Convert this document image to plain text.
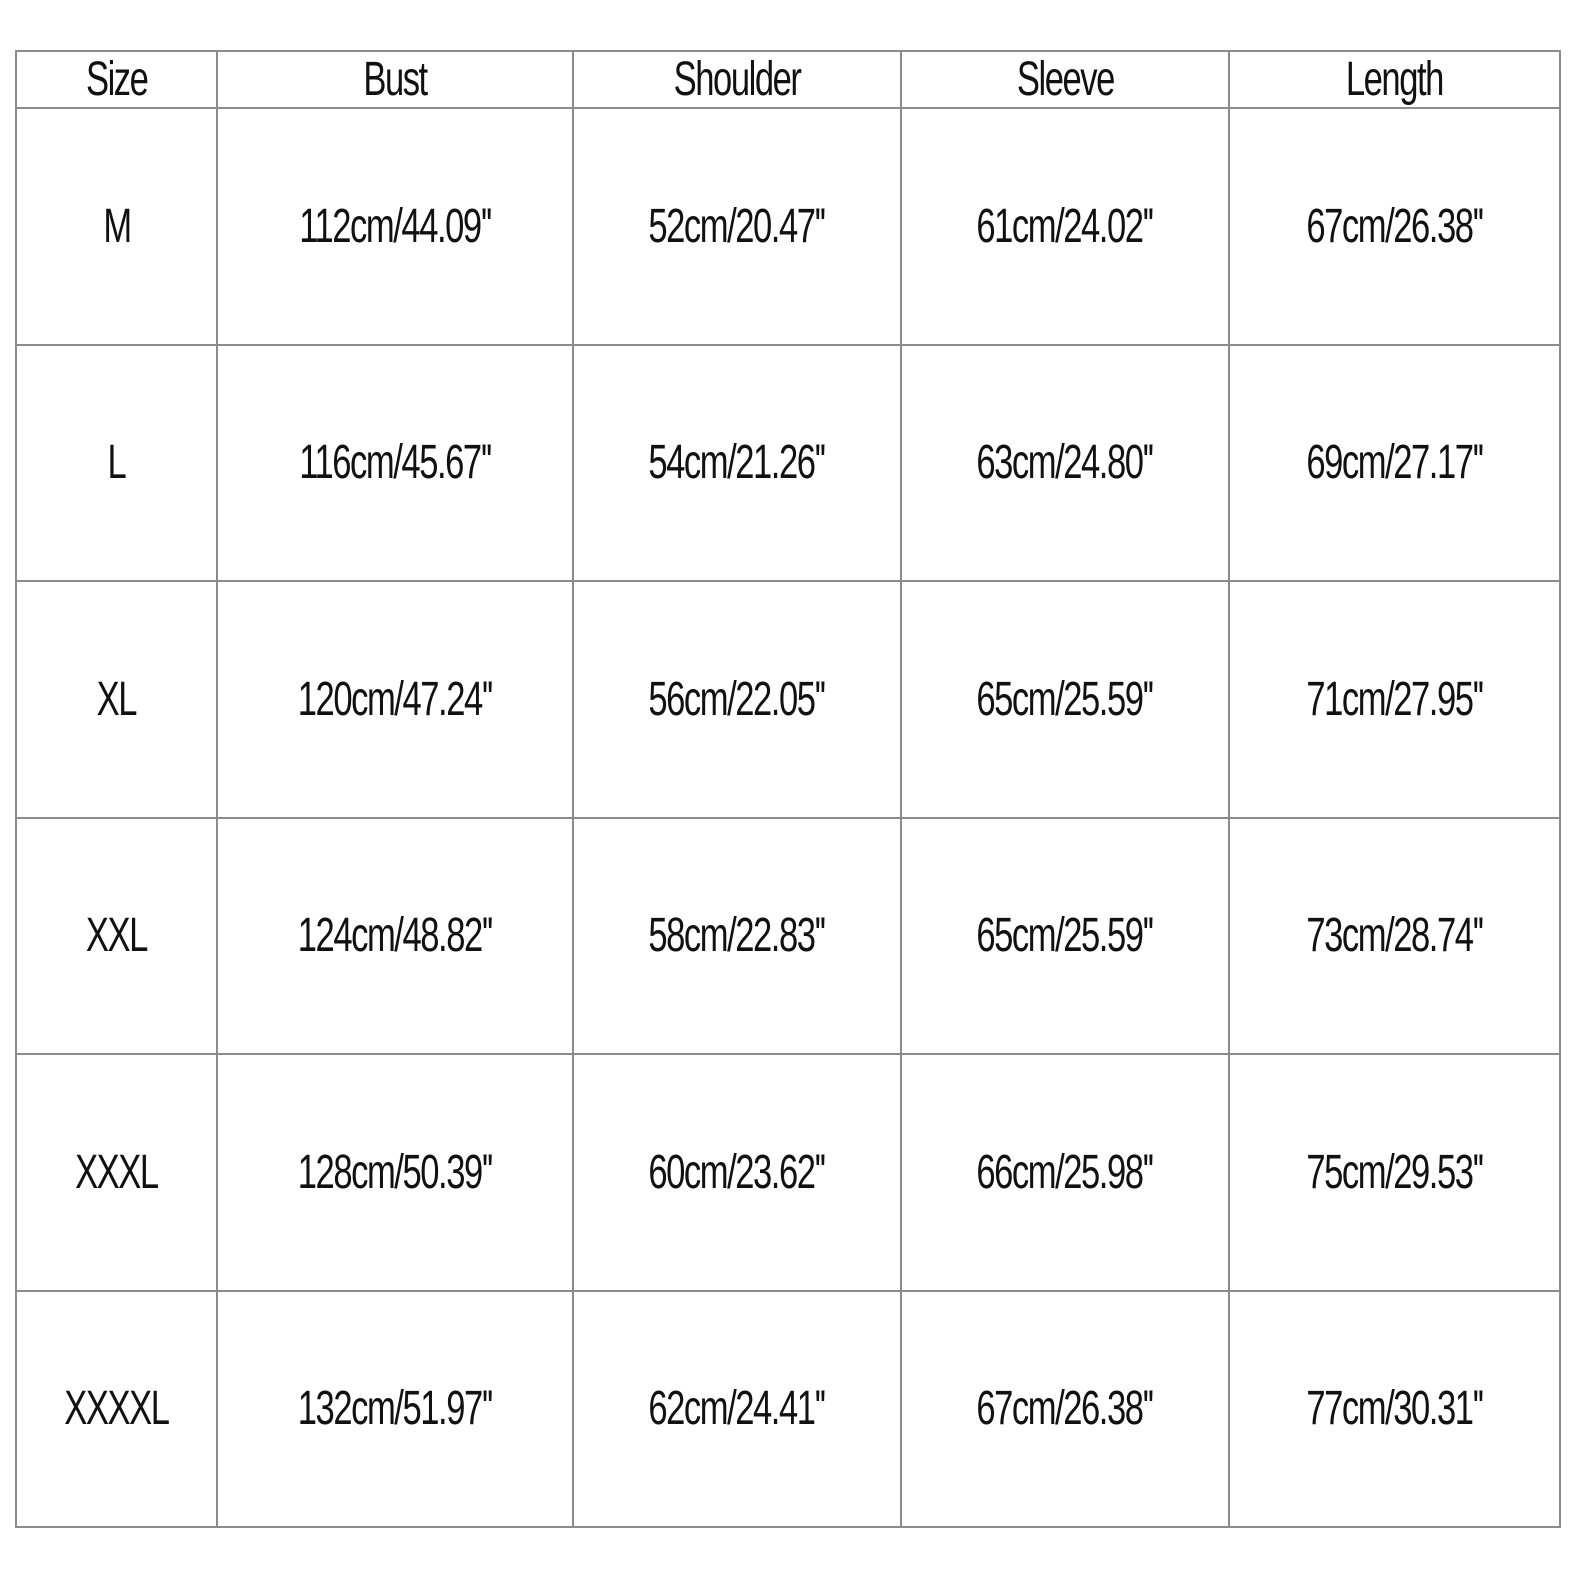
Size	Bust	Shoulder	Sleeve	Length
M	112cm/44.09''	52cm/20.47''	61cm/24.02''	67cm/26.38''
L	116cm/45.67''	54cm/21.26''	63cm/24.80''	69cm/27.17''
XL	120cm/47.24''	56cm/22.05''	65cm/25.59''	71cm/27.95''
XXL	124cm/48.82''	58cm/22.83''	65cm/25.59''	73cm/28.74''
XXXL	128cm/50.39''	60cm/23.62''	66cm/25.98''	75cm/29.53''
XXXXL	132cm/51.97''	62cm/24.41''	67cm/26.38''	77cm/30.31''
